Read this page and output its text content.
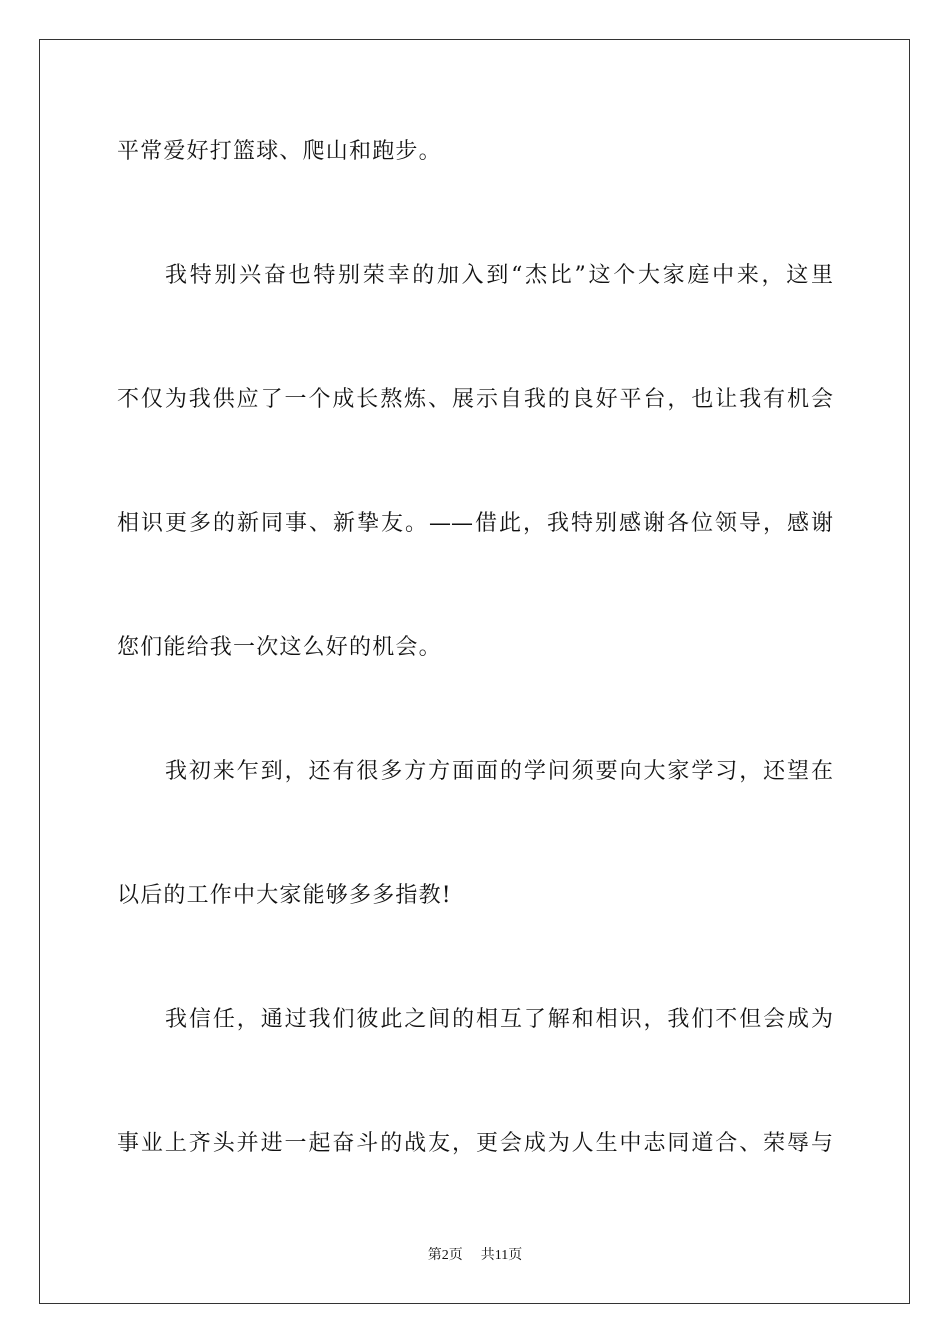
平常爱好打篮球、爬山和跑步。
我特别兴奋也特别荣幸的加入到“杰比”这个大家庭中来，这里
不仅为我供应了一个成长熬炼、展示自我的良好平台，也让我有机会
相识更多的新同事、新挚友。——借此，我特别感谢各位领导，感谢
您们能给我一次这么好的机会。
我初来乍到，还有很多方方面面的学问须要向大家学习，还望在
以后的工作中大家能够多多指教!
我信任，通过我们彼此之间的相互了解和相识，我们不但会成为
事业上齐头并进一起奋斗的战友，更会成为人生中志同道合、荣辱与
第2页 共11页
